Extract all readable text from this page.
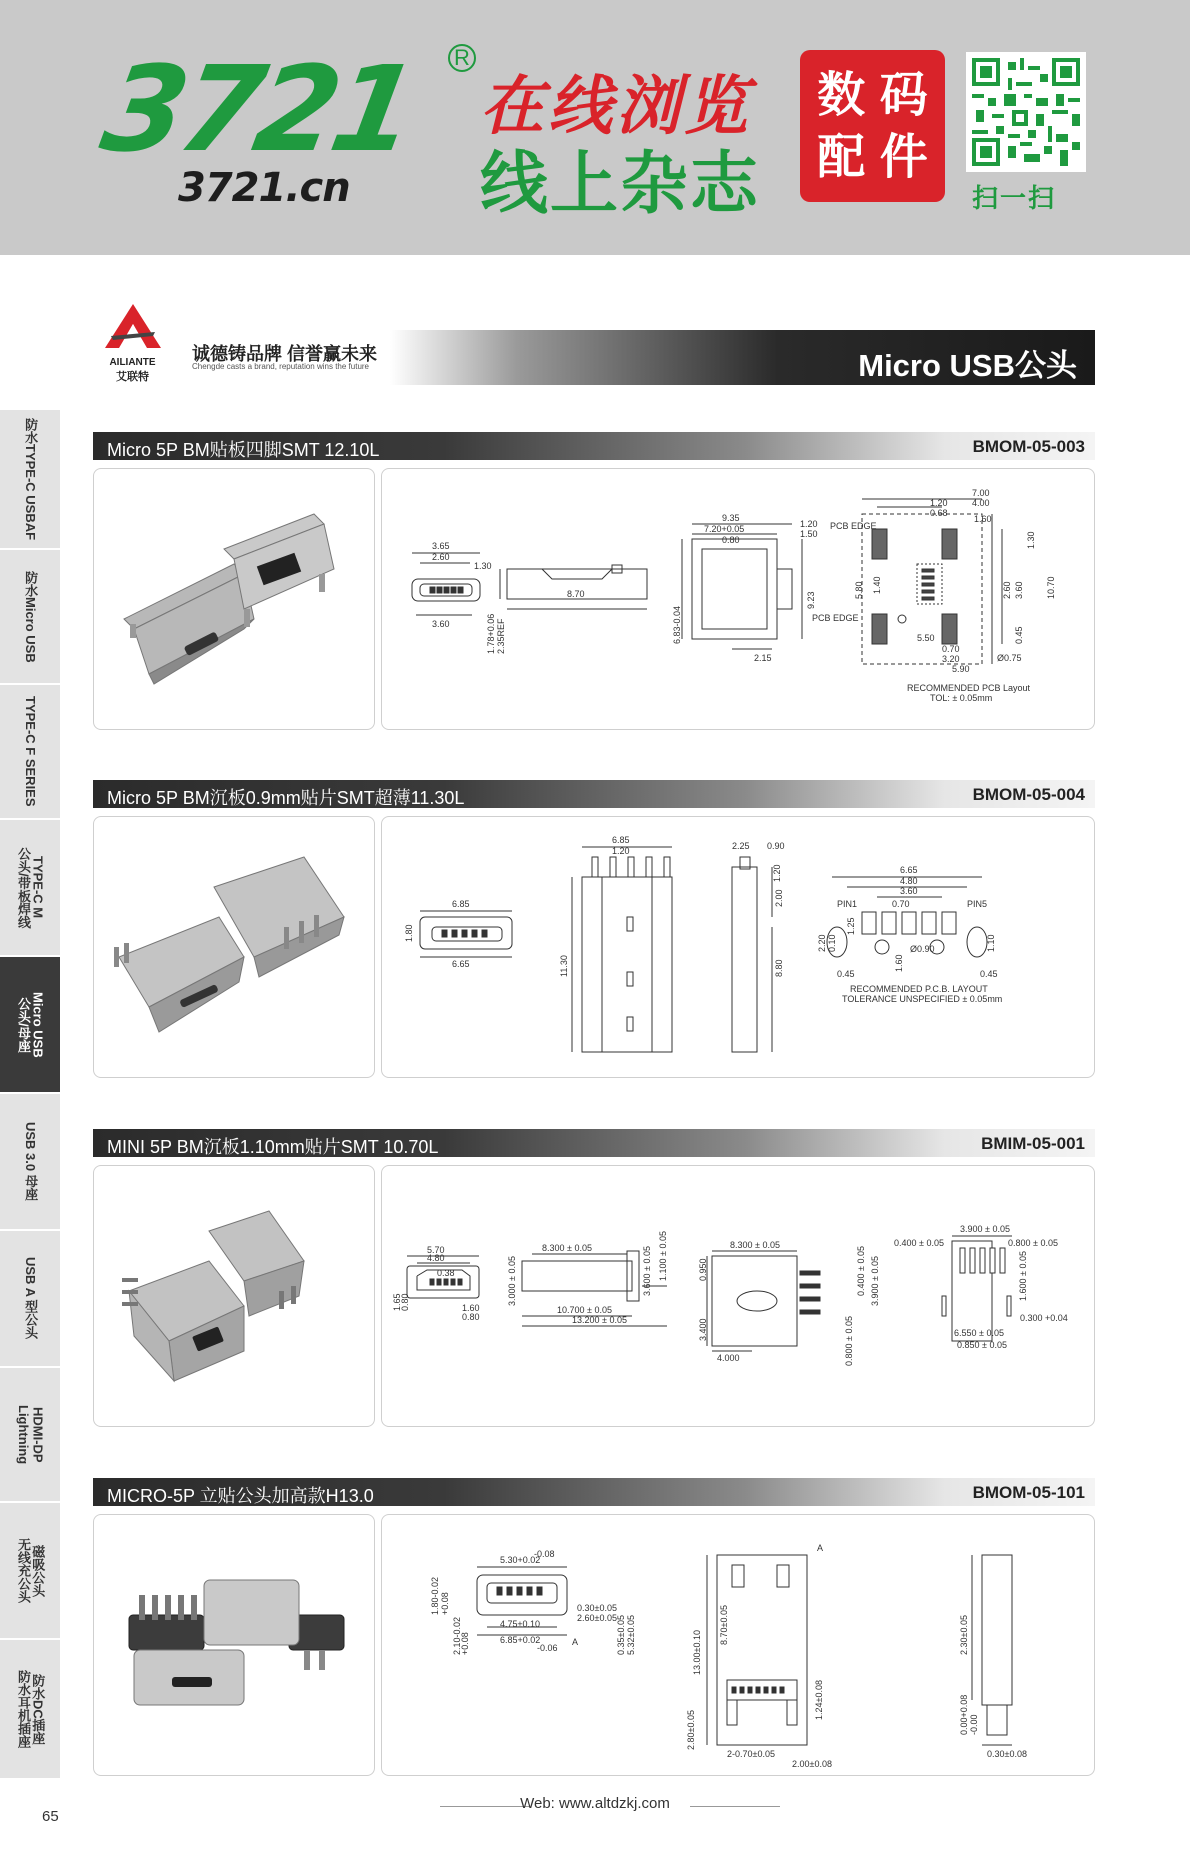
3721 R
3721.cn
在线浏览
线上杂志
数 码
配 件
扫一扫
AILIANTE
艾联特
诚德铸品牌 信誉赢未来
Chengde casts a brand, reputation wins the future	Micro USB公头
防水TYPE-C USBAF
防水Micro USB
TYPE-C F SERIES
TYPE-C M
公头/带板焊线
Micro USB
公头/母座
USB 3.0 母座
USB A 型公头
HDMI-DP
Lightning
磁吸公头
无线充公头
防水DC插座
防水耳机插座
65
Micro 5P BM贴板四脚SMT 12.10L	BMOM-05-003
3.65
2.60
1.30
3.60
8.70
1.78+0.06 2.35REF
9.35
7.20+0.05
0.80
1.20
1.50
6.83-0.04
9.23
2.15
PCB EDGE
PCB EDGE
7.00
4.00
1.20
0.68
1.60
1.30
5.80 1.40	2.60 3.60 10.70
5.50
0.70
3.20
5.90
Ø0.75
0.45
RECOMMENDED PCB Layout
TOL: ± 0.05mm
Micro 5P BM沉板0.9mm贴片SMT超薄11.30L	BMOM-05-004
6.85
1.80
6.65
6.85
1.20
11.30
2.25 0.90
1.20
2.00
8.80
6.65
4.80
PIN1
3.60
PIN5
0.70
2.20 0.10
1.25
Ø0.90
1.60
1.10
0.45	0.45
RECOMMENDED P.C.B. LAYOUT
TOLERANCE UNSPECIFIED ± 0.05mm
MINI 5P BM沉板1.10mm贴片SMT 10.70L	BMIM-05-001
5.70
4.80
0.38
1.65
0.80	1.60
0.80
3.000 ± 0.05
8.300 ± 0.05	3.600 ± 0.05 1.100 ± 0.05
10.700 ± 0.05
13.200 ± 0.05
8.300 ± 0.05
0.950
3.400
4.000
0.400 ± 0.05 3.900 ± 0.05
0.800 ± 0.05
3.900 ± 0.05
0.400 ± 0.05	0.800 ± 0.05
1.600 ± 0.05
0.300 +0.04
6.550 ± 0.05
0.850 ± 0.05
MICRO-5P 立贴公头加高款H13.0	BMOM-05-101
5.30+0.02
-0.08
1.80-0.02 +0.08
2.10-0.02
+0.08
4.75±0.10
6.85+0.02
-0.06
0.30±0.05
2.60±0.05 0.35±0.05 5.32±0.05
A
A
13.00±0.10
8.70±0.05
2.80±0.05
1.24±0.08
2-0.70±0.05
2.00±0.08
2.30±0.05
0.00+0.08 -0.00
0.30±0.08
Web: www.altdzkj.com
